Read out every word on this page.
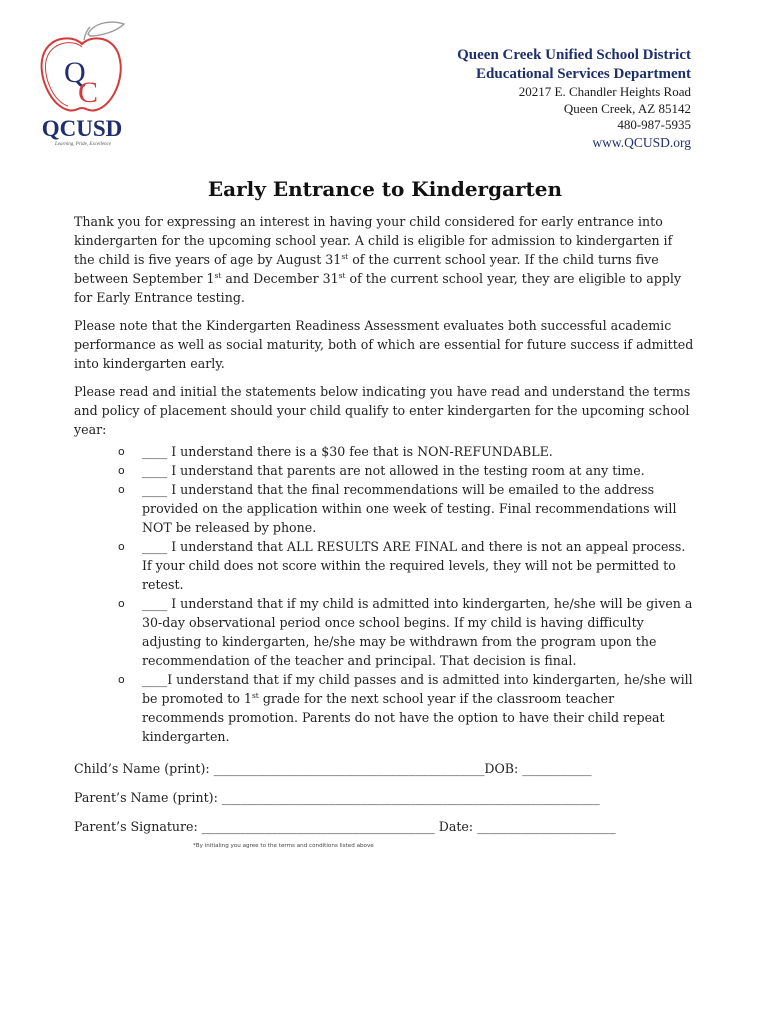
Q
C
QCUSD
Learning, Pride, Excellence
Queen Creek Unified School District
Educational Services Department
20217 E. Chandler Heights Road
Queen Creek, AZ 85142
480-987-5935
www.QCUSD.org
Early Entrance to Kindergarten

Thank you for expressing an interest in having your child considered for early entrance into kindergarten for the upcoming school year. A child is eligible for admission to kindergarten if the child is five years of age by August 31st of the current school year. If the child turns five between September 1st and December 31st of the current school year, they are eligible to apply for Early Entrance testing.

Please note that the Kindergarten Readiness Assessment evaluates both successful academic performance as well as social maturity, both of which are essential for future success if admitted into kindergarten early.

Please read and initial the statements below indicating you have read and understand the terms and policy of placement should your child qualify to enter kindergarten for the upcoming school year:

o ____ I understand there is a $30 fee that is NON-REFUNDABLE.
o ____ I understand that parents are not allowed in the testing room at any time.
o ____ I understand that the final recommendations will be emailed to the address provided on the application within one week of testing. Final recommendations will NOT be released by phone.
o ____ I understand that ALL RESULTS ARE FINAL and there is not an appeal process. If your child does not score within the required levels, they will not be permitted to retest.
o ____ I understand that if my child is admitted into kindergarten, he/she will be given a 30-day observational period once school begins. If my child is having difficulty adjusting to kindergarten, he/she may be withdrawn from the program upon the recommendation of the teacher and principal. That decision is final.
o ____I understand that if my child passes and is admitted into kindergarten, he/she will be promoted to 1st grade for the next school year if the classroom teacher recommends promotion. Parents do not have the option to have their child repeat kindergarten.
Child’s Name (print): ___________________________________________DOB: ___________
Parent’s Name (print): ____________________________________________________________
Parent’s Signature: _____________________________________ Date: ______________________
*By initialing you agree to the terms and conditions listed above
